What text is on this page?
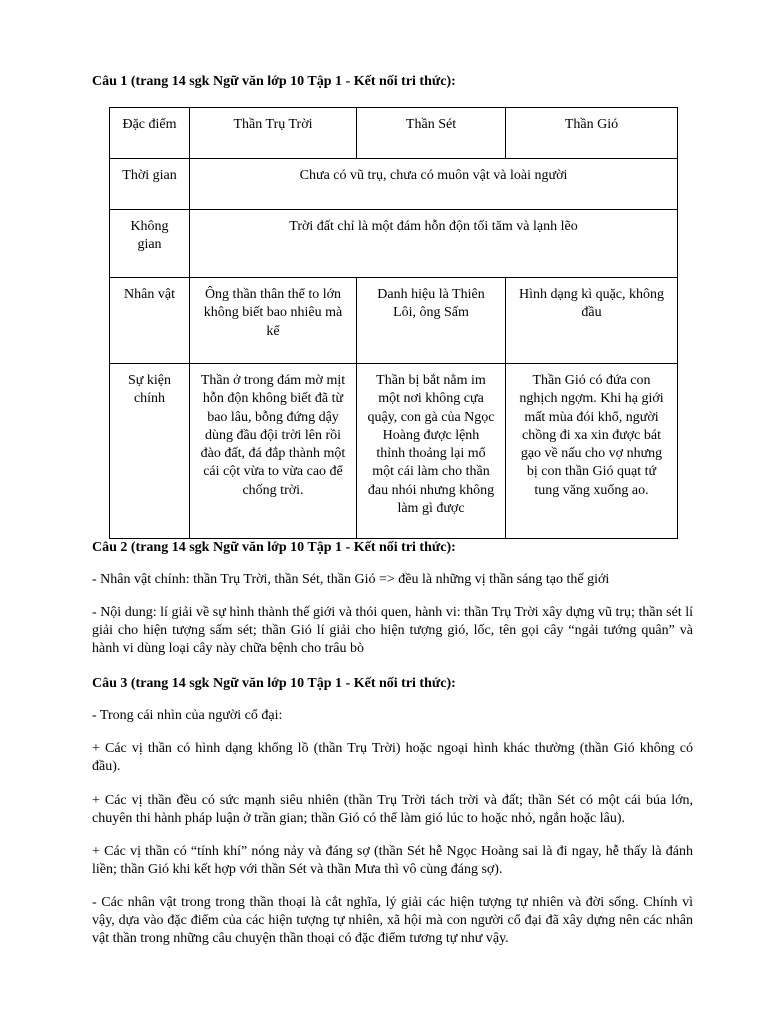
Câu 1 (trang 14 sgk Ngữ văn lớp 10 Tập 1 - Kết nối tri thức):
Đặc điểm	Thần Trụ Trời	Thần Sét	Thần Gió
Thời gian	Chưa có vũ trụ, chưa có muôn vật và loài người		
Không gian	Trời đất chỉ là một đám hỗn độn tối tăm và lạnh lẽo		
Nhân vật	Ông thần thân thể to lớn không biết bao nhiêu mà kể	Danh hiệu là Thiên Lôi, ông Sấm	Hình dạng kì quặc, không đầu
Sự kiện chính	Thần ở trong đám mờ mịt hỗn độn không biết đã từ bao lâu, bỗng đứng dậy dùng đầu đội trời lên rồi đào đất, đá đắp thành một cái cột vừa to vừa cao để chống trời.	Thần bị bắt nằm im một nơi không cựa quậy, con gà của Ngọc Hoàng được lệnh thỉnh thoảng lại mổ một cái làm cho thần đau nhói nhưng không làm gì được	Thần Gió có đứa con nghịch ngợm. Khi hạ giới mất mùa đói khổ, người chồng đi xa xin được bát gạo về nấu cho vợ nhưng bị con thần Gió quạt tứ tung văng xuống ao.
Câu 2 (trang 14 sgk Ngữ văn lớp 10 Tập 1 - Kết nối tri thức):
- Nhân vật chính: thần Trụ Trời, thần Sét, thần Gió => đều là những vị thần sáng tạo thế giới
- Nội dung: lí giải về sự hình thành thế giới và thói quen, hành vi: thần Trụ Trời xây dựng vũ trụ; thần sét lí giải cho hiện tượng sấm sét; thần Gió lí giải cho hiện tượng gió, lốc, tên gọi cây “ngải tướng quân” và hành vi dùng loại cây này chữa bệnh cho trâu bò
Câu 3 (trang 14 sgk Ngữ văn lớp 10 Tập 1 - Kết nối tri thức):
- Trong cái nhìn của người cổ đại:
+ Các vị thần có hình dạng khổng lồ (thần Trụ Trời) hoặc ngoại hình khác thường (thần Gió không có đầu).
+ Các vị thần đều có sức mạnh siêu nhiên (thần Trụ Trời tách trời và đất; thần Sét có một cái búa lớn, chuyên thi hành pháp luận ở trần gian; thần Gió có thể làm gió lúc to hoặc nhỏ, ngắn hoặc lâu).
+ Các vị thần có “tính khí” nóng nảy và đáng sợ (thần Sét hễ Ngọc Hoàng sai là đi ngay, hễ thấy là đánh liền; thần Gió khi kết hợp với thần Sét và thần Mưa thì vô cùng đáng sợ).
- Các nhân vật trong trong thần thoại là cắt nghĩa, lý giải các hiện tượng tự nhiên và đời sống. Chính vì vậy, dựa vào đặc điểm của các hiện tượng tự nhiên, xã hội mà con người cổ đại đã xây dựng nên các nhân vật thần trong những câu chuyện thần thoại có đặc điểm tương tự như vậy.
